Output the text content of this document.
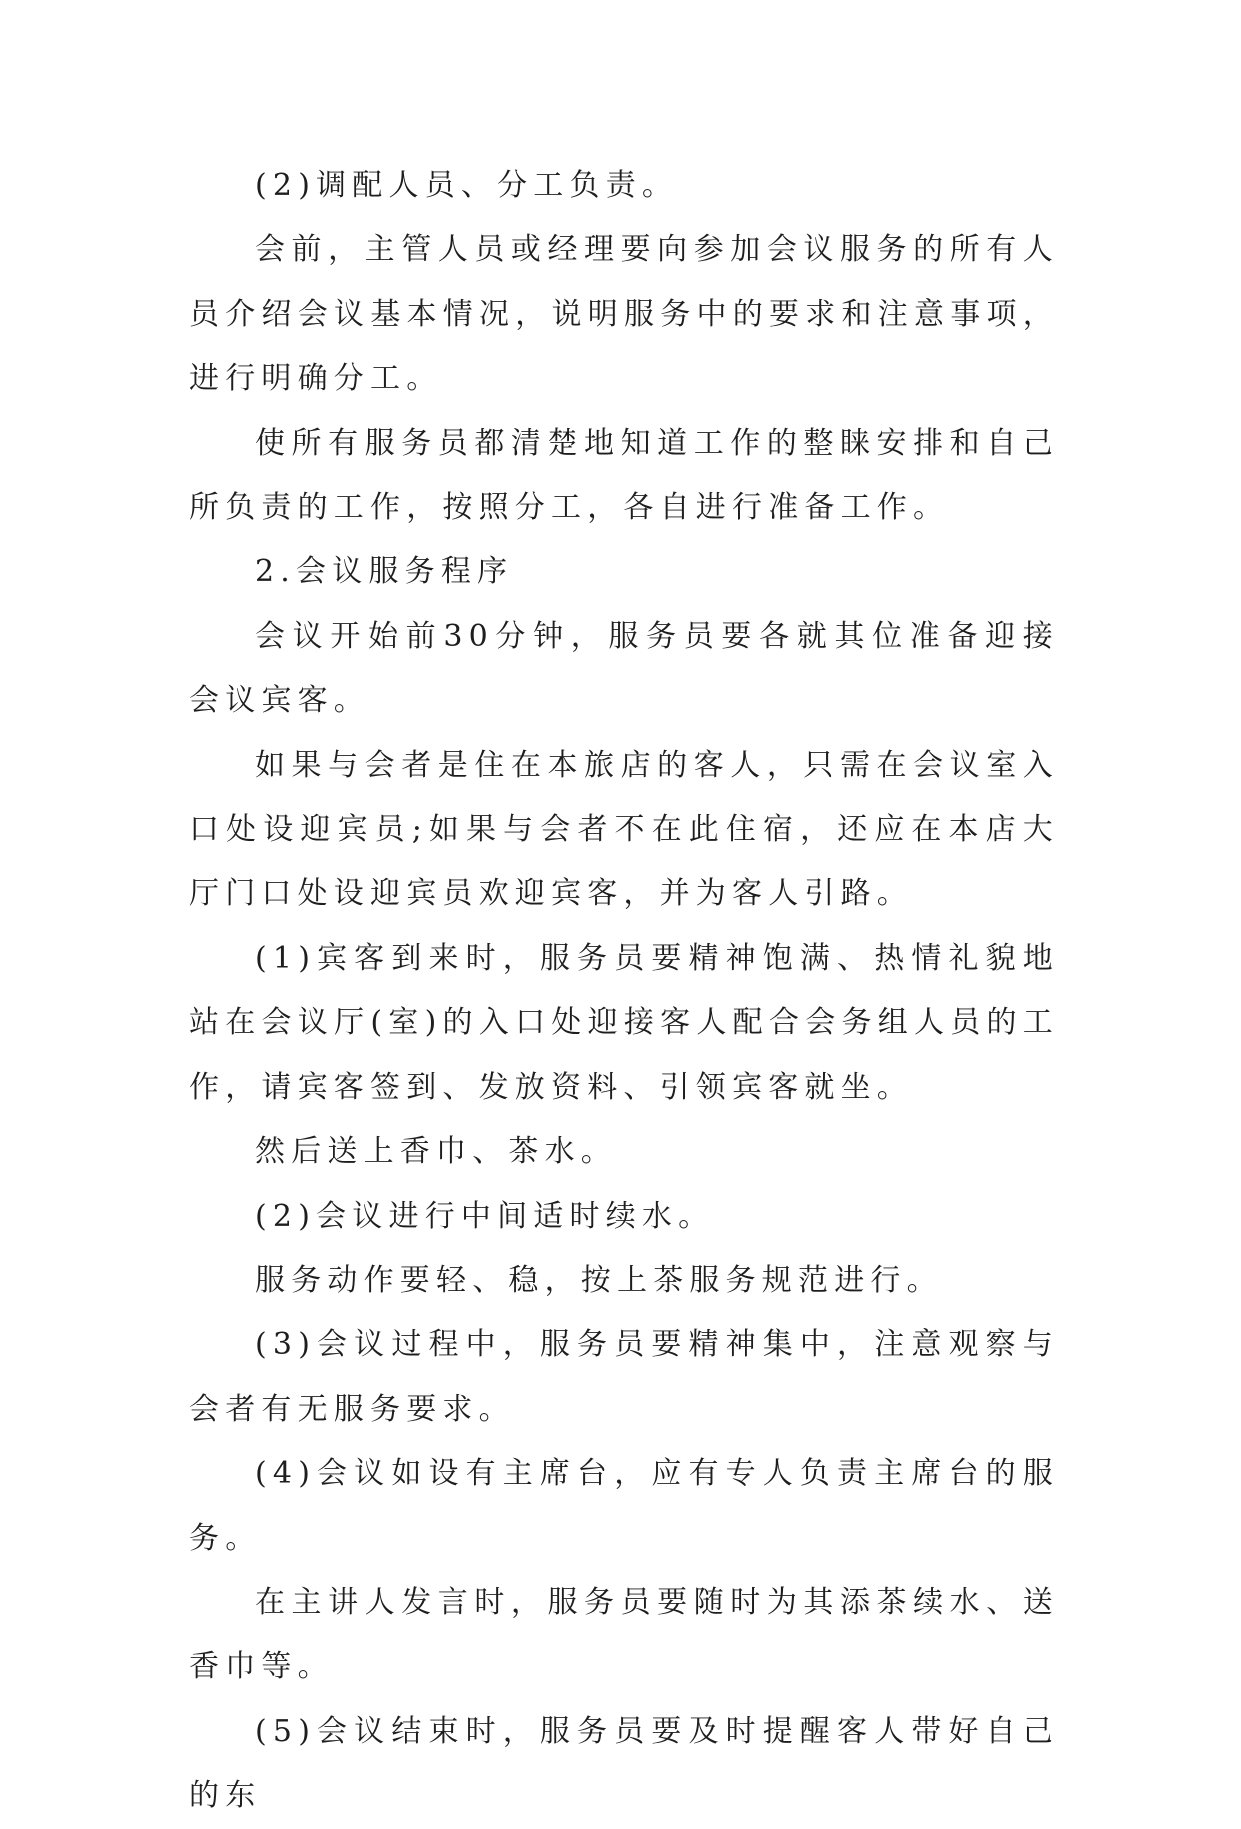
(2)调配人员、分工负责。

会前，主管人员或经理要向参加会议服务的所有人员介绍会议基本情况，说明服务中的要求和注意事项，进行明确分工。

使所有服务员都清楚地知道工作的整睐安排和自己所负责的工作，按照分工，各自进行准备工作。

2.会议服务程序

会议开始前30分钟，服务员要各就其位准备迎接会议宾客。

如果与会者是住在本旅店的客人，只需在会议室入口处设迎宾员;如果与会者不在此住宿，还应在本店大厅门口处设迎宾员欢迎宾客，并为客人引路。

(1)宾客到来时，服务员要精神饱满、热情礼貌地站在会议厅(室)的入口处迎接客人配合会务组人员的工作，请宾客签到、发放资料、引领宾客就坐。

然后送上香巾、茶水。

(2)会议进行中间适时续水。

服务动作要轻、稳，按上茶服务规范进行。

(3)会议过程中，服务员要精神集中，注意观察与会者有无服务要求。

(4)会议如设有主席台，应有专人负责主席台的服务。

在主讲人发言时，服务员要随时为其添茶续水、送香巾等。

(5)会议结束时，服务员要及时提醒客人带好自己的东
